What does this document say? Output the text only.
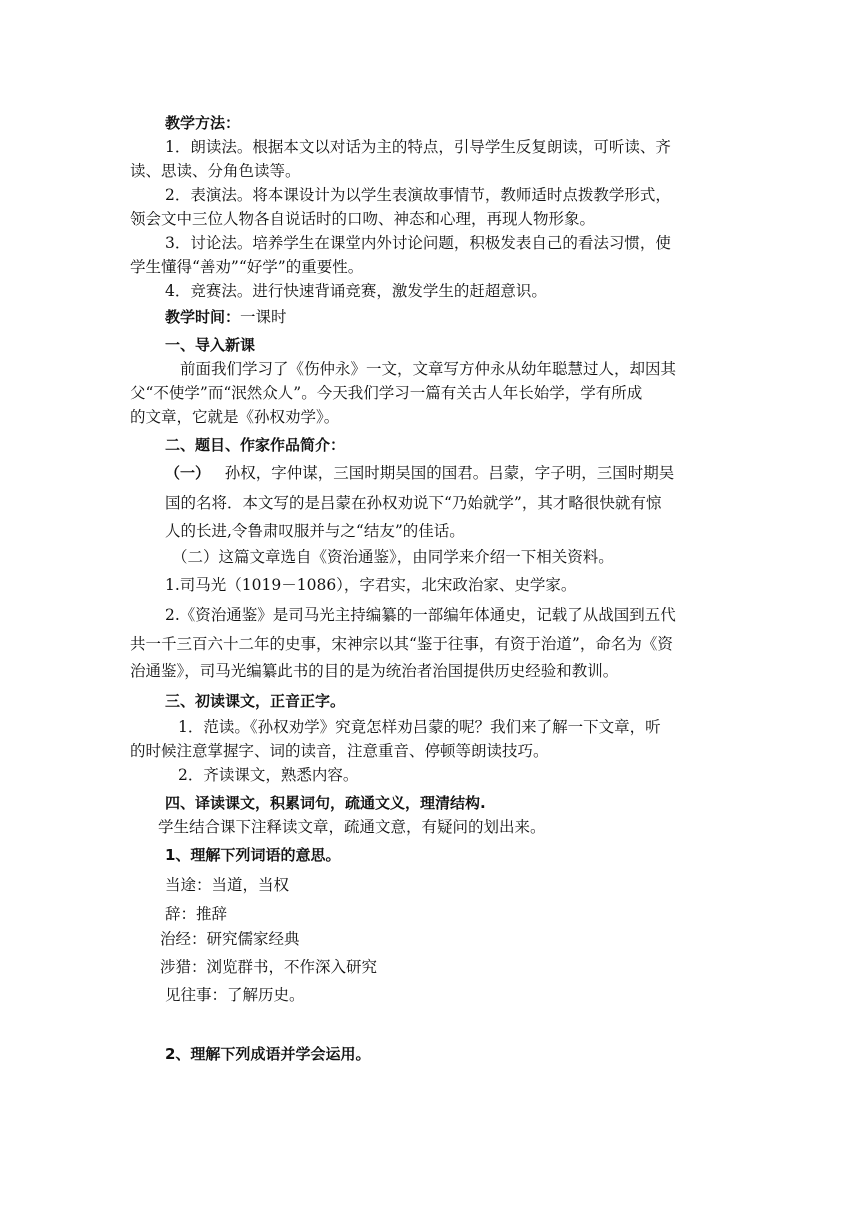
教学方法：
1．朗读法。根据本文以对话为主的特点，引导学生反复朗读，可听读、齐
读、思读、分角色读等。
2．表演法。将本课设计为以学生表演故事情节，教师适时点拨教学形式，
领会文中三位人物各自说话时的口吻、神态和心理，再现人物形象。
3．讨论法。培养学生在课堂内外讨论问题，积极发表自己的看法习惯，使
学生懂得“善劝”“好学”的重要性。
4．竞赛法。进行快速背诵竞赛，激发学生的赶超意识。
教学时间：一课时
一、导入新课
前面我们学习了《伤仲永》一文，文章写方仲永从幼年聪慧过人，却因其
父“不使学”而“泯然众人”。今天我们学习一篇有关古人年长始学，学有所成
的文章，它就是《孙权劝学》。
二、题目、作家作品简介：
（一） 孙权，字仲谋，三国时期吴国的国君。吕蒙，字子明，三国时期吴
国的名将．本文写的是吕蒙在孙权劝说下“乃始就学”，其才略很快就有惊
人的长进,令鲁肃叹服并与之“结友”的佳话。
（二）这篇文章选自《资治通鉴》，由同学来介绍一下相关资料。
1.司马光（1019－1086），字君实，北宋政治家、史学家。
2.《资治通鉴》是司马光主持编纂的一部编年体通史，记载了从战国到五代
共一千三百六十二年的史事，宋神宗以其“鉴于往事，有资于治道”，命名为《资
治通鉴》，司马光编纂此书的目的是为统治者治国提供历史经验和教训。
三、初读课文，正音正字。
1．范读。《孙权劝学》究竟怎样劝吕蒙的呢？我们来了解一下文章，听
的时候注意掌握字、词的读音，注意重音、停顿等朗读技巧。
2．齐读课文，熟悉内容。
四、译读课文，积累词句，疏通文义，理清结构.
学生结合课下注释读文章，疏通文意，有疑问的划出来。
1、理解下列词语的意思。
当途：当道，当权
辞：推辞
治经：研究儒家经典
涉猎：浏览群书，不作深入研究
见往事：了解历史。
2、理解下列成语并学会运用。
